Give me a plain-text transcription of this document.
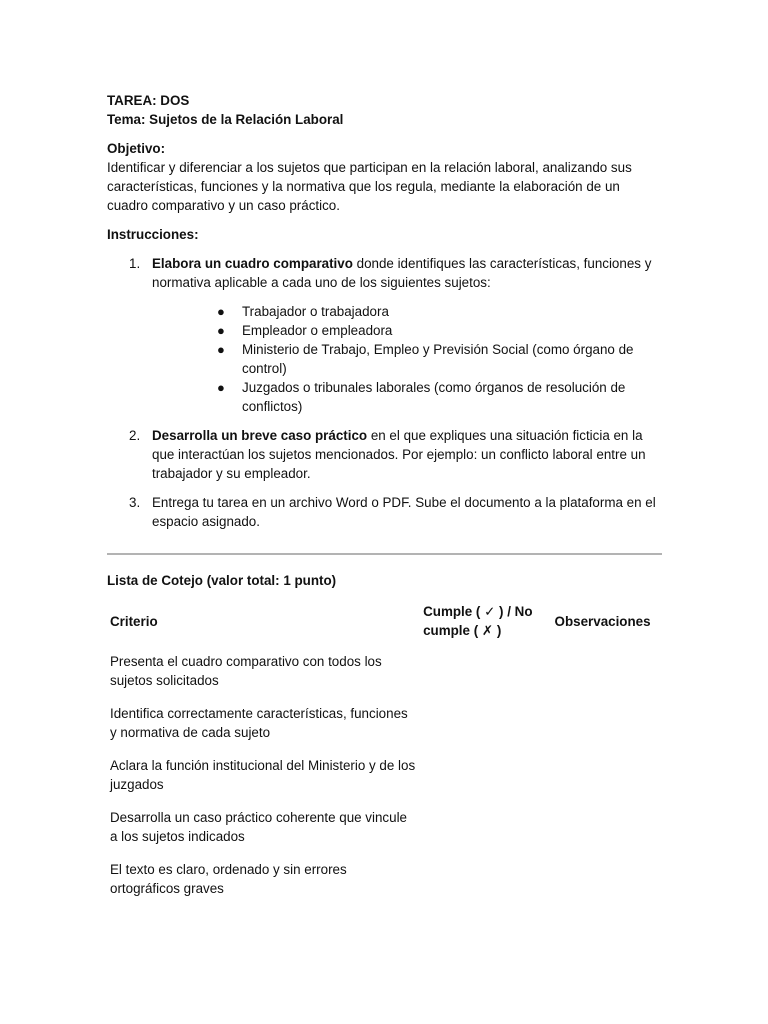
TAREA: DOS
Tema: Sujetos de la Relación Laboral
Objetivo:
Identificar y diferenciar a los sujetos que participan en la relación laboral, analizando sus características, funciones y la normativa que los regula, mediante la elaboración de un cuadro comparativo y un caso práctico.
Instrucciones:
1. Elabora un cuadro comparativo donde identifiques las características, funciones y normativa aplicable a cada uno de los siguientes sujetos:
● Trabajador o trabajadora
● Empleador o empleadora
● Ministerio de Trabajo, Empleo y Previsión Social (como órgano de control)
● Juzgados o tribunales laborales (como órganos de resolución de conflictos)
2. Desarrolla un breve caso práctico en el que expliques una situación ficticia en la que interactúan los sujetos mencionados. Por ejemplo: un conflicto laboral entre un trabajador y su empleador.
3. Entrega tu tarea en un archivo Word o PDF. Sube el documento a la plataforma en el espacio asignado.
Lista de Cotejo (valor total: 1 punto)
Criterio	Cumple ( ✓ ) / No cumple ( ✗ )	Observaciones
Presenta el cuadro comparativo con todos los sujetos solicitados		
Identifica correctamente características, funciones y normativa de cada sujeto		
Aclara la función institucional del Ministerio y de los juzgados		
Desarrolla un caso práctico coherente que vincule a los sujetos indicados		
El texto es claro, ordenado y sin errores ortográficos graves		
